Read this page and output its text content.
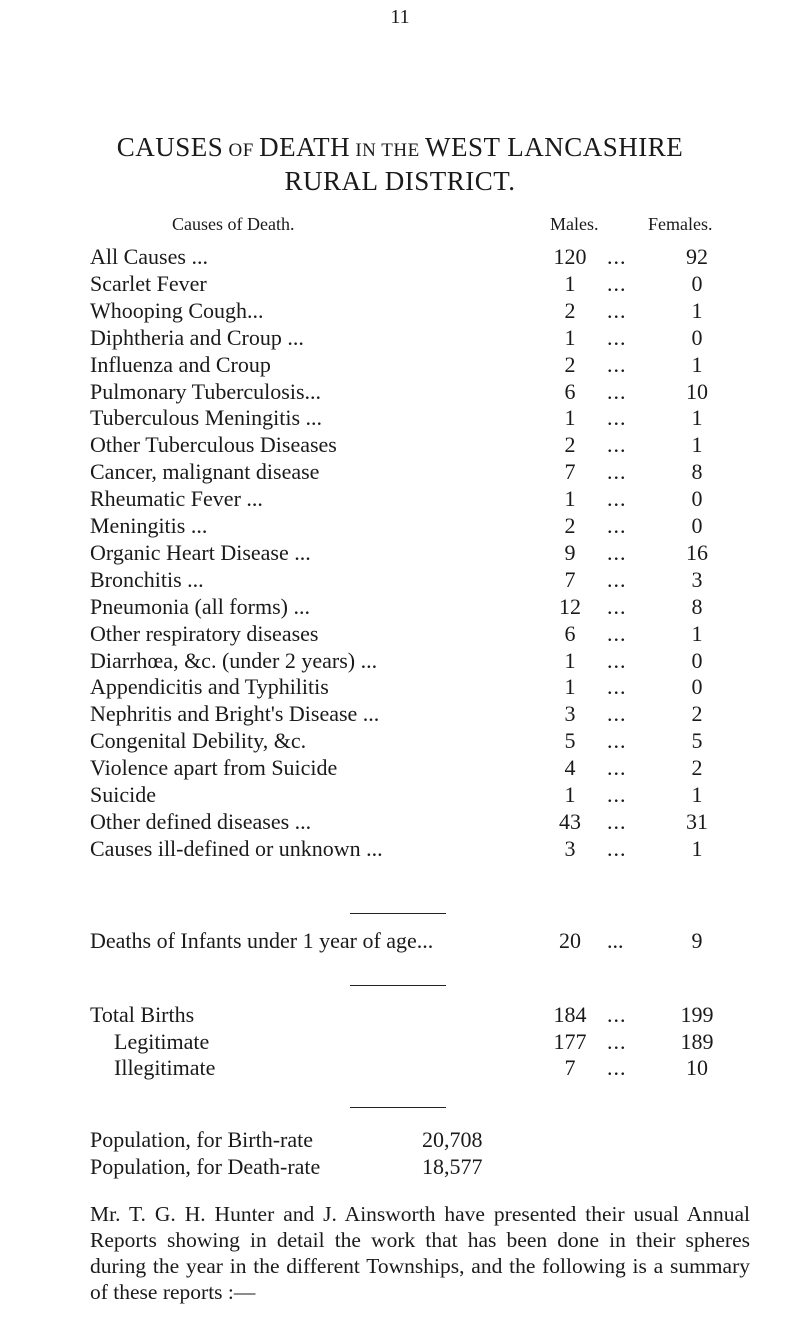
11
CAUSES OF DEATH IN THE WEST LANCASHIRE
RURAL DISTRICT.
Causes of Death.	Males.	Females.
All Causes ...	120 ...	92
Scarlet Fever	1	...	0
Whooping Cough...	2	...	1
Diphtheria and Croup ...	1	...	0
Influenza and Croup	2	...	1
Pulmonary Tuberculosis...	6	...	10
Tuberculous Meningitis ...	1	...	1
Other Tuberculous Diseases	2	...	1
Cancer, malignant disease	7	...	8
Rheumatic Fever ...	1	...	0
Meningitis ...	2	...	0
Organic Heart Disease ...	9	...	16
Bronchitis ...	7	...	3
Pneumonia (all forms) ...	12	...	8
Other respiratory diseases	6	...	1
Diarrhœa, &c. (under 2 years) ...	1	...	0
Appendicitis and Typhilitis	1	...	0
Nephritis and Bright's Disease ...	3	...	2
Congenital Debility, &c.	5	...	5
Violence apart from Suicide	4	...	2
Suicide	1	...	1
Other defined diseases ...	43	...	31
Causes ill-defined or unknown ...	3	...	1
Deaths of Infants under 1 year of age...	20	...	9
Total Births	184 ...	199
Legitimate	177 ...	189
Illegitimate	7	...	10
Population, for Birth-rate	20,708
Population, for Death-rate	18,577
Mr. T. G. H. Hunter and J. Ainsworth have presented their usual Annual Reports showing in detail the work that has been done in their spheres during the year in the different Townships, and the following is a summary of these reports :—
